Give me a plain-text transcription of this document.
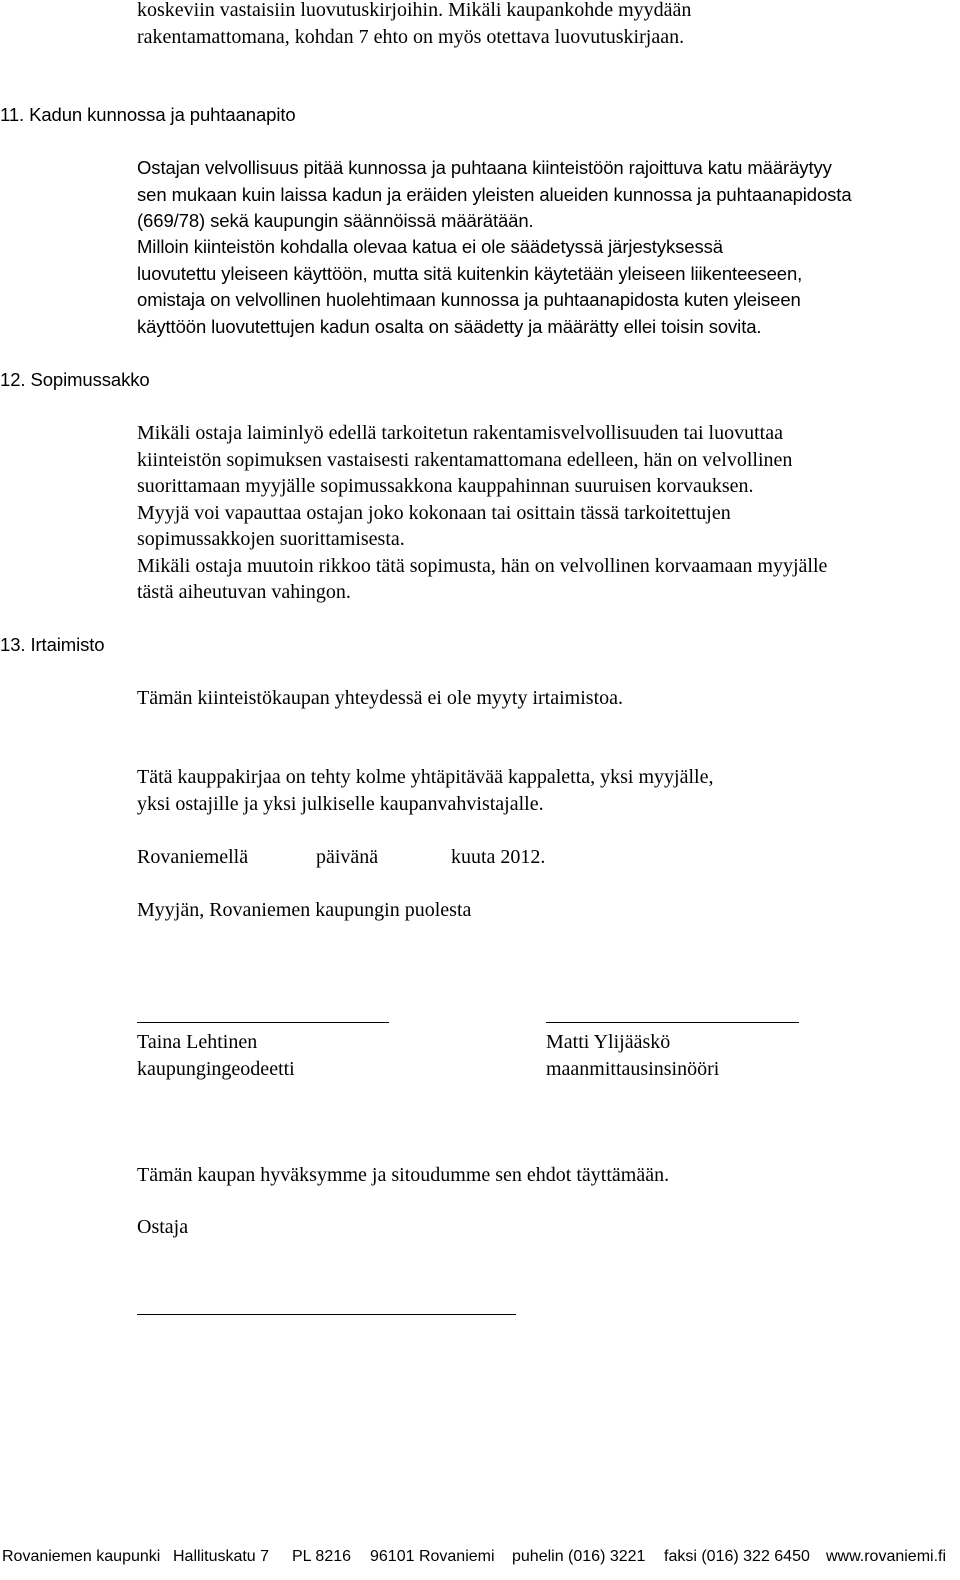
koskeviin vastaisiin luovutuskirjoihin. Mikäli kaupankohde myydään
rakentamattomana, kohdan 7 ehto on myös otettava luovutuskirjaan.
11. Kadun kunnossa ja puhtaanapito
Ostajan velvollisuus pitää kunnossa ja puhtaana kiinteistöön rajoittuva katu määräytyy
sen mukaan kuin laissa kadun ja eräiden yleisten alueiden kunnossa ja puhtaanapidosta
(669/78) sekä kaupungin säännöissä määrätään.
Milloin kiinteistön kohdalla olevaa katua ei ole säädetyssä järjestyksessä
luovutettu yleiseen käyttöön, mutta sitä kuitenkin käytetään yleiseen liikenteeseen,
omistaja on velvollinen huolehtimaan kunnossa ja puhtaanapidosta kuten yleiseen
käyttöön luovutettujen kadun osalta on säädetty ja määrätty ellei toisin sovita.
12. Sopimussakko
Mikäli ostaja laiminlyö edellä tarkoitetun rakentamisvelvollisuuden tai luovuttaa
kiinteistön sopimuksen vastaisesti rakentamattomana edelleen, hän on velvollinen
suorittamaan myyjälle sopimussakkona kauppahinnan suuruisen korvauksen.
Myyjä voi vapauttaa ostajan joko kokonaan tai osittain tässä tarkoitettujen
sopimussakkojen suorittamisesta.
Mikäli ostaja muutoin rikkoo tätä sopimusta, hän on velvollinen korvaamaan myyjälle
tästä aiheutuvan vahingon.
13. Irtaimisto
Tämän kiinteistökaupan yhteydessä ei ole myyty irtaimistoa.
Tätä kauppakirjaa on tehty kolme yhtäpitävää kappaletta, yksi myyjälle,
yksi ostajille ja yksi julkiselle kaupanvahvistajalle.
Rovaniemellä	päivänä	kuuta 2012.
Myyjän, Rovaniemen kaupungin puolesta
Taina Lehtinen
kaupungingeodeetti
Matti Ylijääskö
maanmittausinsinööri
Tämän kaupan hyväksymme ja sitoudumme sen ehdot täyttämään.
Ostaja
Rovaniemen kaupunki Hallituskatu 7 PL 8216 96101 Rovaniemi puhelin (016) 3221 faksi (016) 322 6450 www.rovaniemi.fi
